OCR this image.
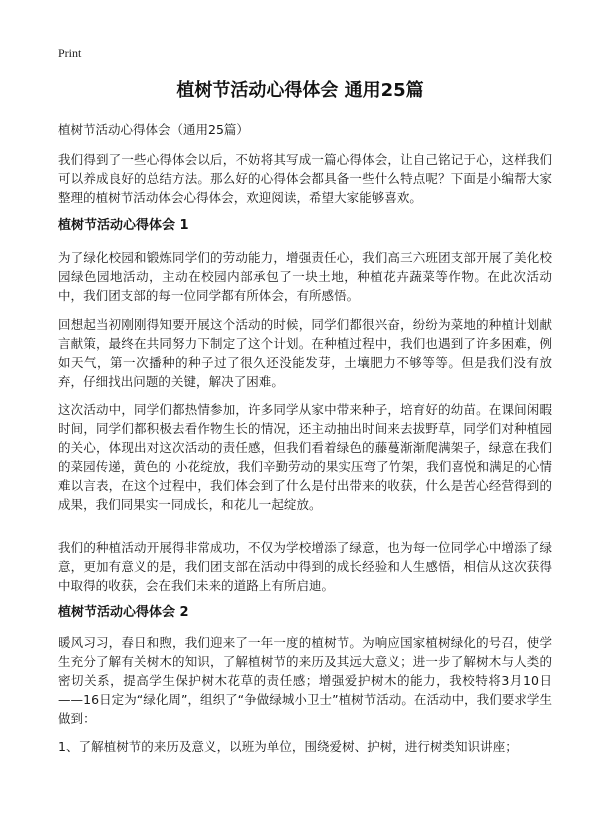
Print
植树节活动心得体会 通用25篇

植树节活动心得体会（通用25篇）

我们得到了一些心得体会以后，不妨将其写成一篇心得体会，让自己铭记于心，这样我们可以养成良好的总结方法。那么好的心得体会都具备一些什么特点呢？下面是小编帮大家整理的植树节活动体会心得体会，欢迎阅读，希望大家能够喜欢。

植树节活动心得体会 1

为了绿化校园和锻炼同学们的劳动能力，增强责任心，我们高三六班团支部开展了美化校园绿色园地活动，主动在校园内部承包了一块土地，种植花卉蔬菜等作物。在此次活动中，我们团支部的每一位同学都有所体会，有所感悟。

回想起当初刚刚得知要开展这个活动的时候，同学们都很兴奋，纷纷为菜地的种植计划献言献策，最终在共同努力下制定了这个计划。在种植过程中，我们也遇到了许多困难，例如天气，第一次播种的种子过了很久还没能发芽，土壤肥力不够等等。但是我们没有放弃，仔细找出问题的关键，解决了困难。

这次活动中，同学们都热情参加，许多同学从家中带来种子，培育好的幼苗。在课间闲暇时间，同学们都积极去看作物生长的情况，还主动抽出时间来去拔野草，同学们对种植园的关心，体现出对这次活动的责任感，但我们看着绿色的藤蔓渐渐爬满架子，绿意在我们的菜园传递，黄色的 小花绽放，我们辛勤劳动的果实压弯了竹架，我们喜悦和满足的心情难以言表，在这个过程中，我们体会到了什么是付出带来的收获，什么是苦心经营得到的成果，我们同果实一同成长，和花儿一起绽放。

我们的种植活动开展得非常成功，不仅为学校增添了绿意，也为每一位同学心中增添了绿意，更加有意义的是，我们团支部在活动中得到的成长经验和人生感悟，相信从这次获得中取得的收获，会在我们未来的道路上有所启迪。

植树节活动心得体会 2

暖风习习，春日和煦，我们迎来了一年一度的植树节。为响应国家植树绿化的号召，使学生充分了解有关树木的知识，了解植树节的来历及其远大意义；进一步了解树木与人类的密切关系，提高学生保护树木花草的责任感；增强爱护树木的能力，我校特将3月10日——16日定为“绿化周”，组织了“争做绿城小卫士”植树节活动。在活动中，我们要求学生做到：

1、了解植树节的来历及意义，以班为单位，围绕爱树、护树，进行树类知识讲座；
